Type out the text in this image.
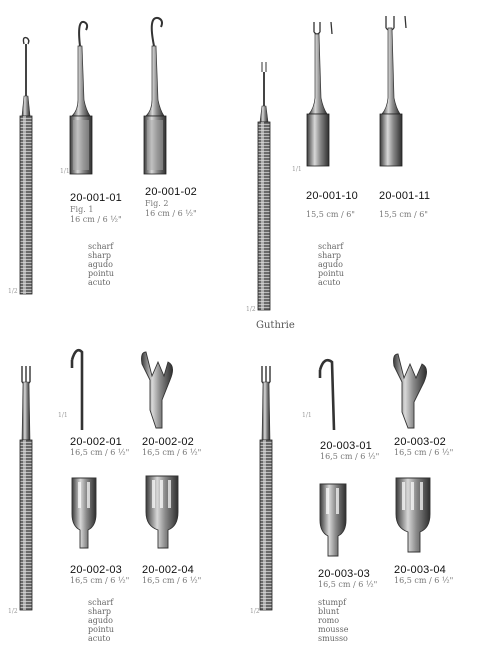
1/1
1/2
1/1
1/2
1/1
1/2
1/1
1/2
20-001-01
Fig. 1
16 cm / 6 ½"
20-001-02
Fig. 2
16 cm / 6 ½"
scharf
sharp
agudo
pointu
acuto
20-001-10
15,5 cm / 6"
20-001-11
15,5 cm / 6"
scharf
sharp
agudo
pointu
acuto
Guthrie
20-002-01
16,5 cm / 6 ½"
20-002-02
16,5 cm / 6 ½"
20-002-03
16,5 cm / 6 ½"
20-002-04
16,5 cm / 6 ½"
scharf
sharp
agudo
pointu
acuto
20-003-01
16,5 cm / 6 ½"
20-003-02
16,5 cm / 6 ½"
20-003-03
16,5 cm / 6 ½"
20-003-04
16,5 cm / 6 ½"
stumpf
blunt
romo
mousse
smusso
